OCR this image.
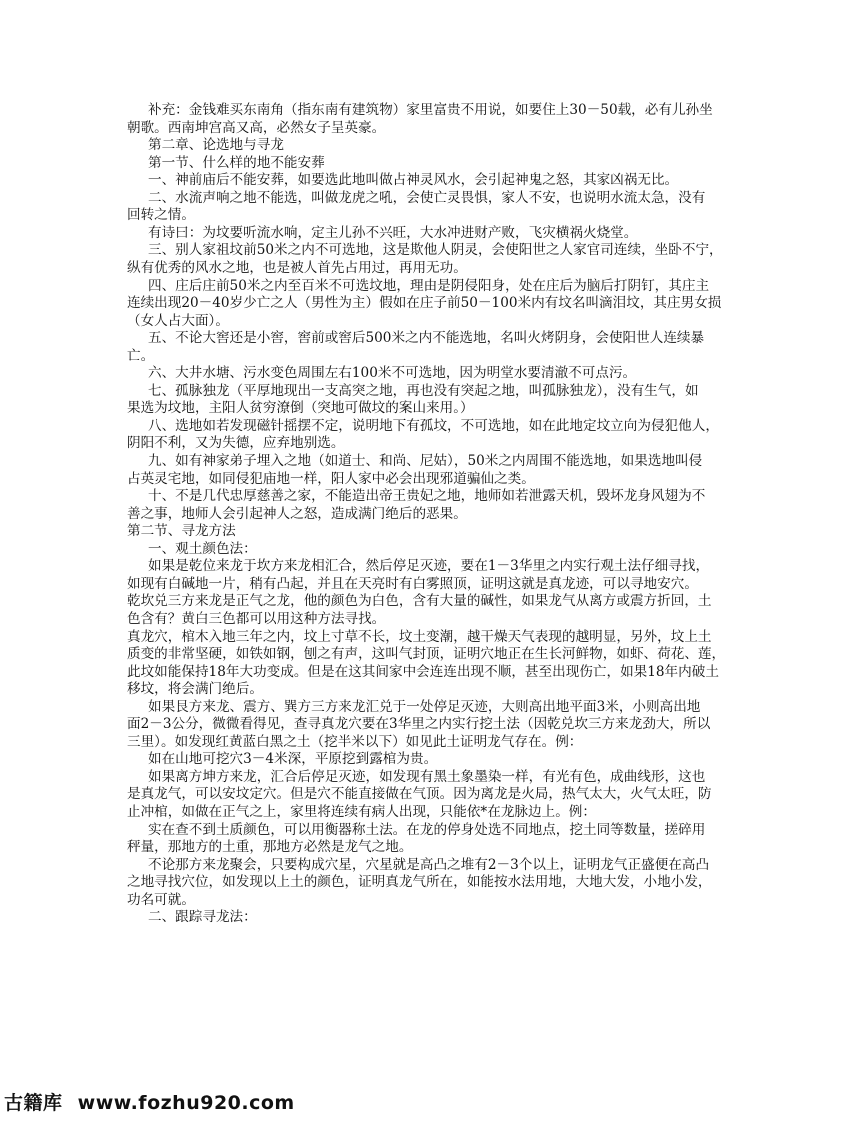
补充：金钱难买东南角（指东南有建筑物）家里富贵不用说，如要住上30－50载，必有儿孙坐
朝歌。西南坤宫高又高，必然女子呈英豪。
第二章、论选地与寻龙
第一节、什么样的地不能安葬
一、神前庙后不能安葬，如要选此地叫做占神灵风水，会引起神鬼之怒，其家凶祸无比。
二、水流声响之地不能选，叫做龙虎之吼，会使亡灵畏惧，家人不安，也说明水流太急，没有
回转之情。
有诗曰：为坟要听流水响，定主儿孙不兴旺，大水冲进财产败，飞灾横祸火烧堂。
三、别人家祖坟前50米之内不可选地，这是欺他人阴灵，会使阳世之人家官司连续，坐卧不宁，
纵有优秀的风水之地，也是被人首先占用过，再用无功。
四、庄后庄前50米之内至百米不可选坟地，理由是阴侵阳身，处在庄后为脑后打阴钉，其庄主
连续出现20－40岁少亡之人（男性为主）假如在庄子前50－100米内有坟名叫滴泪坟，其庄男女损
（女人占大面）。
五、不论大窖还是小窖，窖前或窖后500米之内不能选地，名叫火烤阴身，会使阳世人连续暴
亡。
六、大井水塘、污水变色周围左右100米不可选地，因为明堂水要清澈不可点污。
七、孤脉独龙（平厚地现出一支高突之地，再也没有突起之地，叫孤脉独龙），没有生气，如
果选为坟地，主阳人贫穷潦倒（突地可做坟的案山来用。）
八、选地如若发现磁针摇摆不定，说明地下有孤坟，不可选地，如在此地定坟立向为侵犯他人，
阴阳不利，又为失德，应弃地别选。
九、如有神家弟子埋入之地（如道士、和尚、尼姑），50米之内周围不能选地，如果选地叫侵
占英灵宅地，如同侵犯庙地一样，阳人家中必会出现邪道骗仙之类。
十、不是几代忠厚慈善之家，不能造出帝王贵妃之地，地师如若泄露天机，毁坏龙身风翅为不
善之事，地师人会引起神人之怒，造成满门绝后的恶果。
第二节、寻龙方法
一、观土颜色法：
如果是乾位来龙于坎方来龙相汇合，然后停足灭迹，要在1－3华里之内实行观土法仔细寻找，
如现有白碱地一片，稍有凸起，并且在天亮时有白雾照顶，证明这就是真龙迹，可以寻地安穴。
乾坎兑三方来龙是正气之龙，他的颜色为白色，含有大量的碱性，如果龙气从离方或震方折回，土
色含有？黄白三色都可以用这种方法寻找。
真龙穴，棺木入地三年之内，坟上寸草不长，坟土变潮，越干燥天气表现的越明显，另外，坟上土
质变的非常坚硬，如铁如钢，刨之有声，这叫气封顶，证明穴地正在生长河鲜物，如虾、荷花、莲，
此坟如能保持18年大功变成。但是在这其间家中会连连出现不顺，甚至出现伤亡，如果18年内破土
移坟，将会满门绝后。
如果艮方来龙、震方、巽方三方来龙汇兑于一处停足灭迹，大则高出地平面3米，小则高出地
面2－3公分，微微看得见，查寻真龙穴要在3华里之内实行挖土法（因乾兑坎三方来龙劲大，所以
三里）。如发现红黄蓝白黑之土（挖半米以下）如见此土证明龙气存在。例：
如在山地可挖穴3－4米深，平原挖到露棺为贵。
如果离方坤方来龙，汇合后停足灭迹，如发现有黑土象墨染一样，有光有色，成曲线形，这也
是真龙气，可以安坟定穴。但是穴不能直接做在气顶。因为离龙是火局，热气太大，火气太旺，防
止冲棺，如做在正气之上，家里将连续有病人出现，只能依*在龙脉边上。例：
实在查不到土质颜色，可以用衡器称土法。在龙的停身处选不同地点，挖土同等数量，搓碎用
秤量，那地方的土重，那地方必然是龙气之地。
不论那方来龙聚会，只要构成穴星，穴星就是高凸之堆有2－3个以上，证明龙气正盛便在高凸
之地寻找穴位，如发现以上土的颜色，证明真龙气所在，如能按水法用地，大地大发，小地小发，
功名可就。
二、跟踪寻龙法：
古籍库 www.fozhu920.com
